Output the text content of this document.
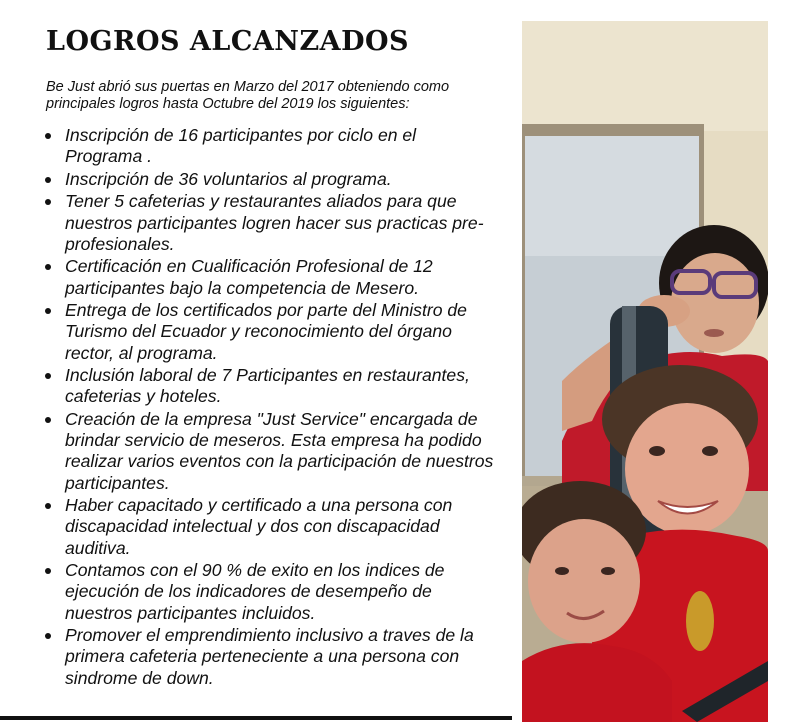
LOGROS ALCANZADOS

Be Just abrió sus puertas en Marzo del 2017 obteniendo como principales logros hasta Octubre del 2019 los siguientes:

Inscripción de 16 participantes por ciclo en el Programa .
Inscripción de 36 voluntarios al programa.
Tener 5 cafeterias y restaurantes aliados para que nuestros participantes logren hacer sus practicas pre-profesionales.
Certificación en Cualificación Profesional de 12 participantes bajo la competencia de Mesero.
Entrega de los certificados por parte del Ministro de Turismo del Ecuador y reconocimiento del órgano rector, al programa.
Inclusión laboral de 7 Participantes en restaurantes, cafeterias y hoteles.
Creación de la empresa "Just Service" encargada de brindar servicio de meseros. Esta empresa ha podido realizar varios eventos con la participación de nuestros participantes.
Haber capacitado y certificado a una persona con discapacidad intelectual y dos con discapacidad auditiva.
Contamos con el 90 % de exito en los indices de ejecución de los indicadores de desempeño de nuestros participantes incluidos.
Promover el emprendimiento inclusivo a traves de la primera cafeteria perteneciente a una persona con sindrome de down.
